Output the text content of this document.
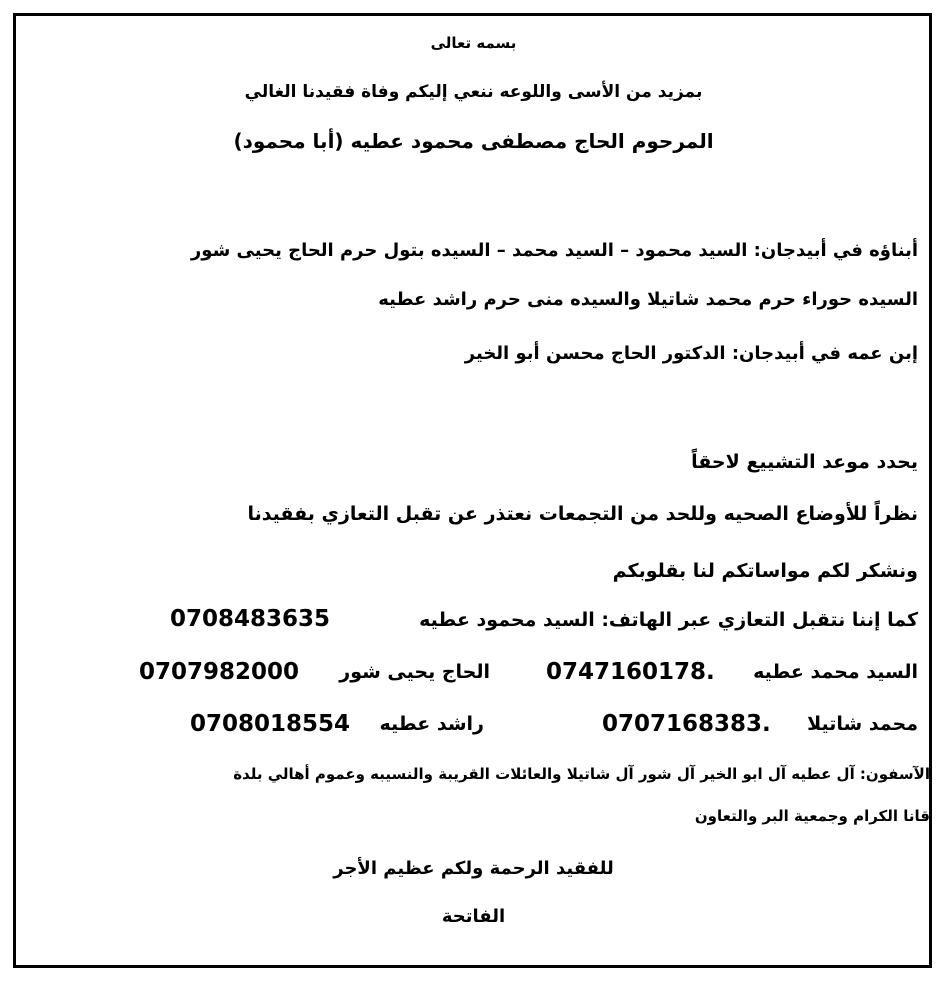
بسمه تعالى
بمزيد من الأسى واللوعه ننعي إليكم وفاة فقيدنا الغالي
المرحوم الحاج مصطفى محمود عطيه (أبا محمود)
أبناؤه في أبيدجان: السيد محمود – السيد محمد – السيده بتول حرم الحاج يحيى شور
السيده حوراء حرم محمد شاتيلا والسيده منى حرم راشد عطيه
إبن عمه في أبيدجان: الدكتور الحاج محسن أبو الخير
يحدد موعد التشييع لاحقاً
نظراً للأوضاع الصحيه وللحد من التجمعات نعتذر عن تقبل التعازي بفقيدنا
ونشكر لكم مواساتكم لنا بقلوبكم
كما إننا نتقبل التعازي عبر الهاتف: السيد محمود عطيه
0708483635
السيد محمد عطيه
0747160178.
الحاج يحيى شور
0707982000
محمد شاتيلا
0707168383.
راشد عطيه
0708018554
الآسفون: آل عطيه آل ابو الخير آل شور آل شاتيلا والعائلات القريبة والنسيبه وعموم أهالي بلدة
قانا الكرام وجمعية البر والتعاون
للفقيد الرحمة ولكم عظيم الأجر
الفاتحة
